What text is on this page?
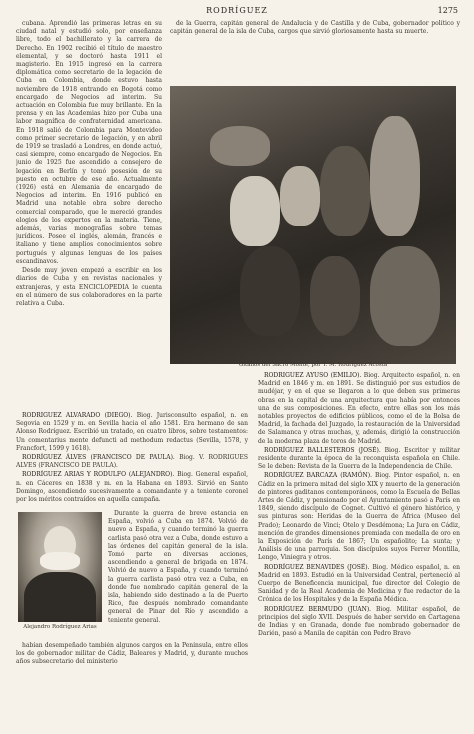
RODRÍGUEZ	1275

cubana. Aprendió las primeras letras en su ciudad natal y estudió solo, por enseñanza libre, todo el bachillerato y la carrera de Derecho. En 1902 recibió el título de maestro elemental, y se doctoró hasta 1911 el magisterio. En 1915 ingresó en la carrera diplomática como secretario de la legación de Cuba en Colombia, donde estuvo hasta noviembre de 1918 entrando en Bogotá como encargado de Negocios ad interim. Su actuación en Colombia fue muy brillante. En la prensa y en las Academias hizo por Cuba una labor magnífica de confraternidad americana. En 1918 salió de Colombia para Montevideo como primer secretario de legación, y en abril de 1919 se trasladó a Londres, en donde actuó, casi siempre, como encargado de Negocios. En junio de 1925 fue ascendido a consejero de legación en Berlín y tomó posesión de su puesto en octubre de ese año. Actualmente (1926) está en Alemania de encargado de Negocios ad interim. En 1916 publicó en Madrid una notable obra sobre derecho comercial comparado, que le mereció grandes elogios de los expertos en la materia. Tiene, además, varias monografías sobre temas jurídicos. Posee el inglés, alemán, francés e italiano y tiene amplios conocimientos sobre portugués y algunas lenguas de los países escandinavos.

Desde muy joven empezó a escribir en los diarios de Cuba y en revistas nacionales y extranjeras, y esta ENCICLOPEDIA le cuenta en el número de sus colaboradores en la parte relativa a Cuba.

de la Guerra, capitán general de Andalucía y de Castilla y de Cuba, gobernador político y capitán general de la isla de Cuba, cargos que sirvió gloriosamente hasta su muerte.

Gitanos del Sacro Monte, por T. M. Rodríguez Acosta

RODRÍGUEZ ALVARADO (DIEGO). Biog. Jurisconsulto español, n. en Segovia en 1529 y m. en Sevilla hacia el año 1581. Era hermano de san Alonso Rodríguez. Escribió un tratado, en cuatro libros, sobre testamentos: Un comentarius mente defuncti ad methodum redactus (Sevilla, 1578, y Francfort, 1599 y 1618).

RODRÍGUEZ ÁLVES (FRANCISCO DE PAULA). Biog. V. RODRIGUES ALVES (FRANCISCO DE PAULA).

RODRÍGUEZ ARIAS Y RODULFO (ALEJANDRO). Biog. General español, n. en Cáceres en 1838 y m. en la Habana en 1893. Sirvió en Santo Domingo, ascendiendo sucesivamente a comandante y a teniente coronel por los méritos contraídos en aquella campaña.

Alejandro Rodríguez Arias

Durante la guerra de breve estancia en España, volvió a Cuba en 1874. Volvió de nuevo a España, y cuando terminó la guerra carlista pasó otra vez a Cuba, donde estuvo a las órdenes del capitán general de la isla. Tomó parte en diversas acciones, ascendiendo a general de brigada en 1874. Volvió de nuevo a España, y cuando terminó la guerra carlista pasó otra vez a Cuba, en donde fue nombrado capitán general de la isla, habiendo sido destinado a la de Puerto Rico, fue después nombrado comandante general de Pinar del Río y ascendido a teniente general.

habían desempeñado también algunos cargos en la Península, entre ellos los de gobernador militar de Cádiz, Baleares y Madrid, y, durante muchos años subsecretario del ministerio

RODRÍGUEZ AYUSO (EMILIO). Biog. Arquitecto español, n. en Madrid en 1846 y m. en 1891. Se distinguió por sus estudios de mudéjar, y en el que se llegaron a lo que deben sus primeras obras en la capital de una arquitectura que había por entonces una de sus composiciones. En efecto, entre ellas son los más notables proyectos de edificios públicos, como el de la Bolsa de Madrid, la fachada del Juzgado, la restauración de la Universidad de Salamanca y otras muchas, y, además, dirigió la construcción de la moderna plaza de toros de Madrid.

RODRÍGUEZ BALLESTEROS (JOSÉ). Biog. Escritor y militar residente durante la época de la reconquista española en Chile. Se le deben: Revista de la Guerra de la Independencia de Chile.

RODRÍGUEZ BARCAZA (RAMÓN). Biog. Pintor español, n. en Cádiz en la primera mitad del siglo XIX y muerto de la generación de pintores gaditanos contemporáneos, como la Escuela de Bellas Artes de Cádiz, y pensionado por el Ayuntamiento pasó a París en 1849, siendo discípulo de Cognet. Cultivó el género histórico, y sus pinturas son: Heridas de la Guerra de África (Museo del Prado); Leonardo de Vinci; Otelo y Desdémona; La Jura en Cádiz, mención de grandes dimensiones premiada con medalla de oro en la Exposición de París de 1867; Un españolito; La sunta; y Análisis de una parroquia. Son discípulos suyos Ferrer Montilla, Lengo, Viniegra y otros.

RODRÍGUEZ BENAVIDES (JOSÉ). Biog. Médico español, n. en Madrid en 1893. Estudió en la Universidad Central, perteneció al Cuerpo de Beneficencia municipal, fue director del Colegio de Sanidad y de la Real Academia de Medicina y fue redactor de la Crónica de los Hospitales y de la España Médica.

RODRÍGUEZ BERMUDO (JUAN). Biog. Militar español, de principios del siglo XVII. Después de haber servido en Cartagena de Indias y en Granada, donde fue nombrado gobernador de Darién, pasó a Manila de capitán con Pedro Bravo
